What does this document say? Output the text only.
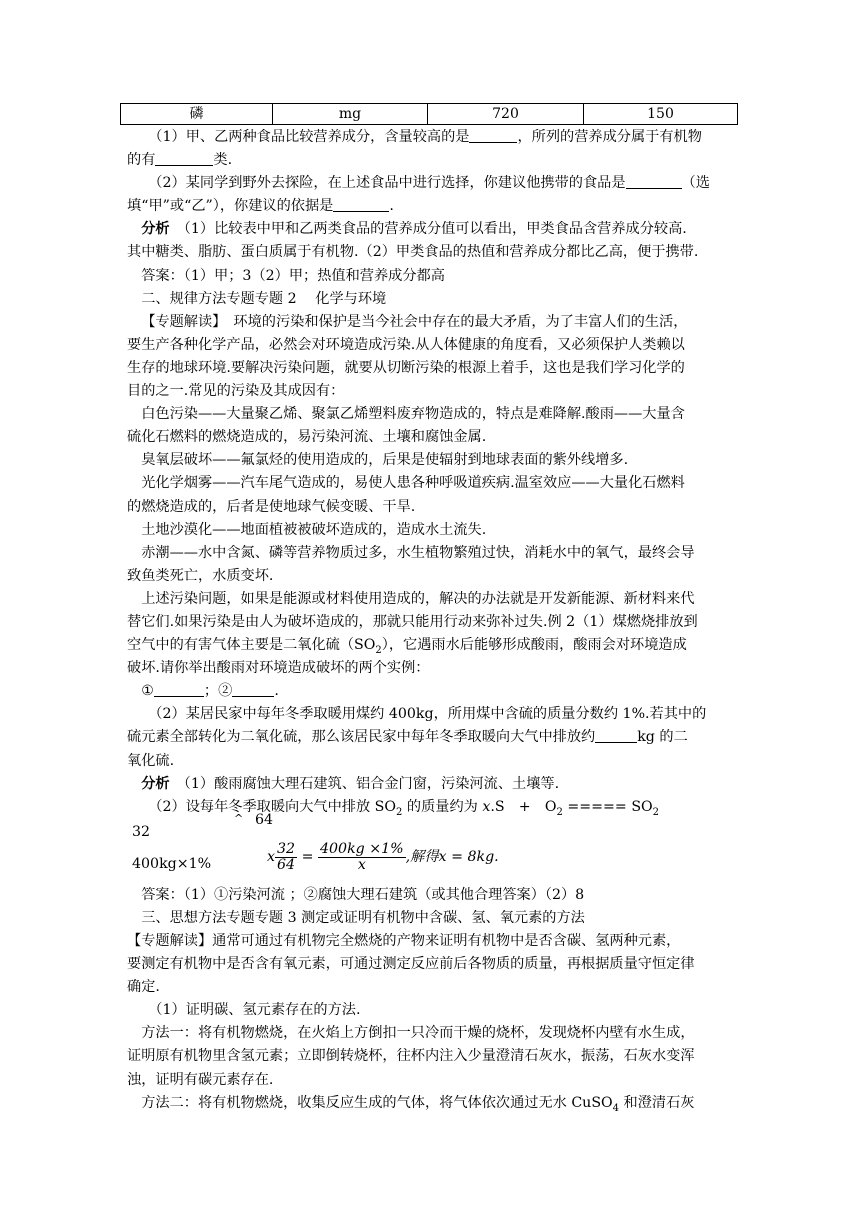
磷	mg	720	150

（1）甲、乙两种食品比较营养成分，含量较高的是	，所列的营养成分属于有机物

的有	类.

（2）某同学到野外去探险，在上述食品中进行选择，你建议他携带的食品是	（选

填“甲”或“乙”），你建议的依据是	.

分析　 （1）比较表中甲和乙两类食品的营养成分值可以看出，甲类食品含营养成分较高.

其中糖类、脂肪、蛋白质属于有机物.（2）甲类食品的热值和营养成分都比乙高，便于携带.

答案：（1）甲；3（2）甲；热值和营养成分都高

二、规律方法专题专题 2　 化学与环境

【专题解读】　环境的污染和保护是当今社会中存在的最大矛盾，为了丰富人们的生活，

要生产各种化学产品，必然会对环境造成污染.从人体健康的角度看，又必须保护人类赖以

生存的地球环境.要解决污染问题，就要从切断污染的根源上着手，这也是我们学习化学的

目的之一.常见的污染及其成因有：

白色污染——大量聚乙烯、聚氯乙烯塑料废弃物造成的，特点是难降解.酸雨——大量含

硫化石燃料的燃烧造成的，易污染河流、土壤和腐蚀金属.

臭氧层破坏——氟氯烃的使用造成的，后果是使辐射到地球表面的紫外线增多.

光化学烟雾——汽车尾气造成的，易使人患各种呼吸道疾病.温室效应——大量化石燃料

的燃烧造成的，后者是使地球气候变暖、干旱.

土地沙漠化——地面植被被破坏造成的，造成水土流失.

赤潮——水中含氮、磷等营养物质过多，水生植物繁殖过快，消耗水中的氧气，最终会导

致鱼类死亡，水质变坏.

上述污染问题，如果是能源或材料使用造成的，解决的办法就是开发新能源、新材料来代

替它们.如果污染是由人为破坏造成的，那就只能用行动来弥补过失.例 2（1）煤燃烧排放到

空气中的有害气体主要是二氧化硫$(SO_2)$，它遇雨水后能够形成酸雨，酸雨会对环境造成

破坏.请你举出酸雨对环境造成破坏的两个实例：

①	；②	.

（2）某居民家中每年冬季取暖用煤约 400kg，所用煤中含硫的质量分数约 1%.若其中的

硫元素全部转化为二氧化硫，那么该居民家中每年冬季取暖向大气中排放约	kg 的二

氧化硫.

分析　 （1）酸雨腐蚀大理石建筑、铝合金门窗，污染河流、土壤等.

（2）设每年冬季取暖向大气中排放 $SO_2$ 的质量约为 x.S　+　$O_2$ ===== $SO_2$

32
^ 64
400kg×1%	x $\frac{32}{64} = \frac{400kg \times 1\%}{x}$ ,解得x = 8kg.

答案：（1）①污染河流 ；②腐蚀大理石建筑（或其他合理答案）（2）8

三、思想方法专题专题 3 测定或证明有机物中含碳、氢、氧元素的方法

【专题解读】通常可通过有机物完全燃烧的产物来证明有机物中是否含碳、氢两种元素，

要测定有机物中是否含有氧元素，可通过测定反应前后各物质的质量，再根据质量守恒定律

确定.

（1）证明碳、氢元素存在的方法.

方法一：将有机物燃烧，在火焰上方倒扣一只冷而干燥的烧杯，发现烧杯内壁有水生成，

证明原有机物里含氢元素；立即倒转烧杯，往杯内注入少量澄清石灰水，振荡，石灰水变浑

浊，证明有碳元素存在.

方法二：将有机物燃烧，收集反应生成的气体，将气体依次通过无水 CuSO$_4$ 和澄清石灰
